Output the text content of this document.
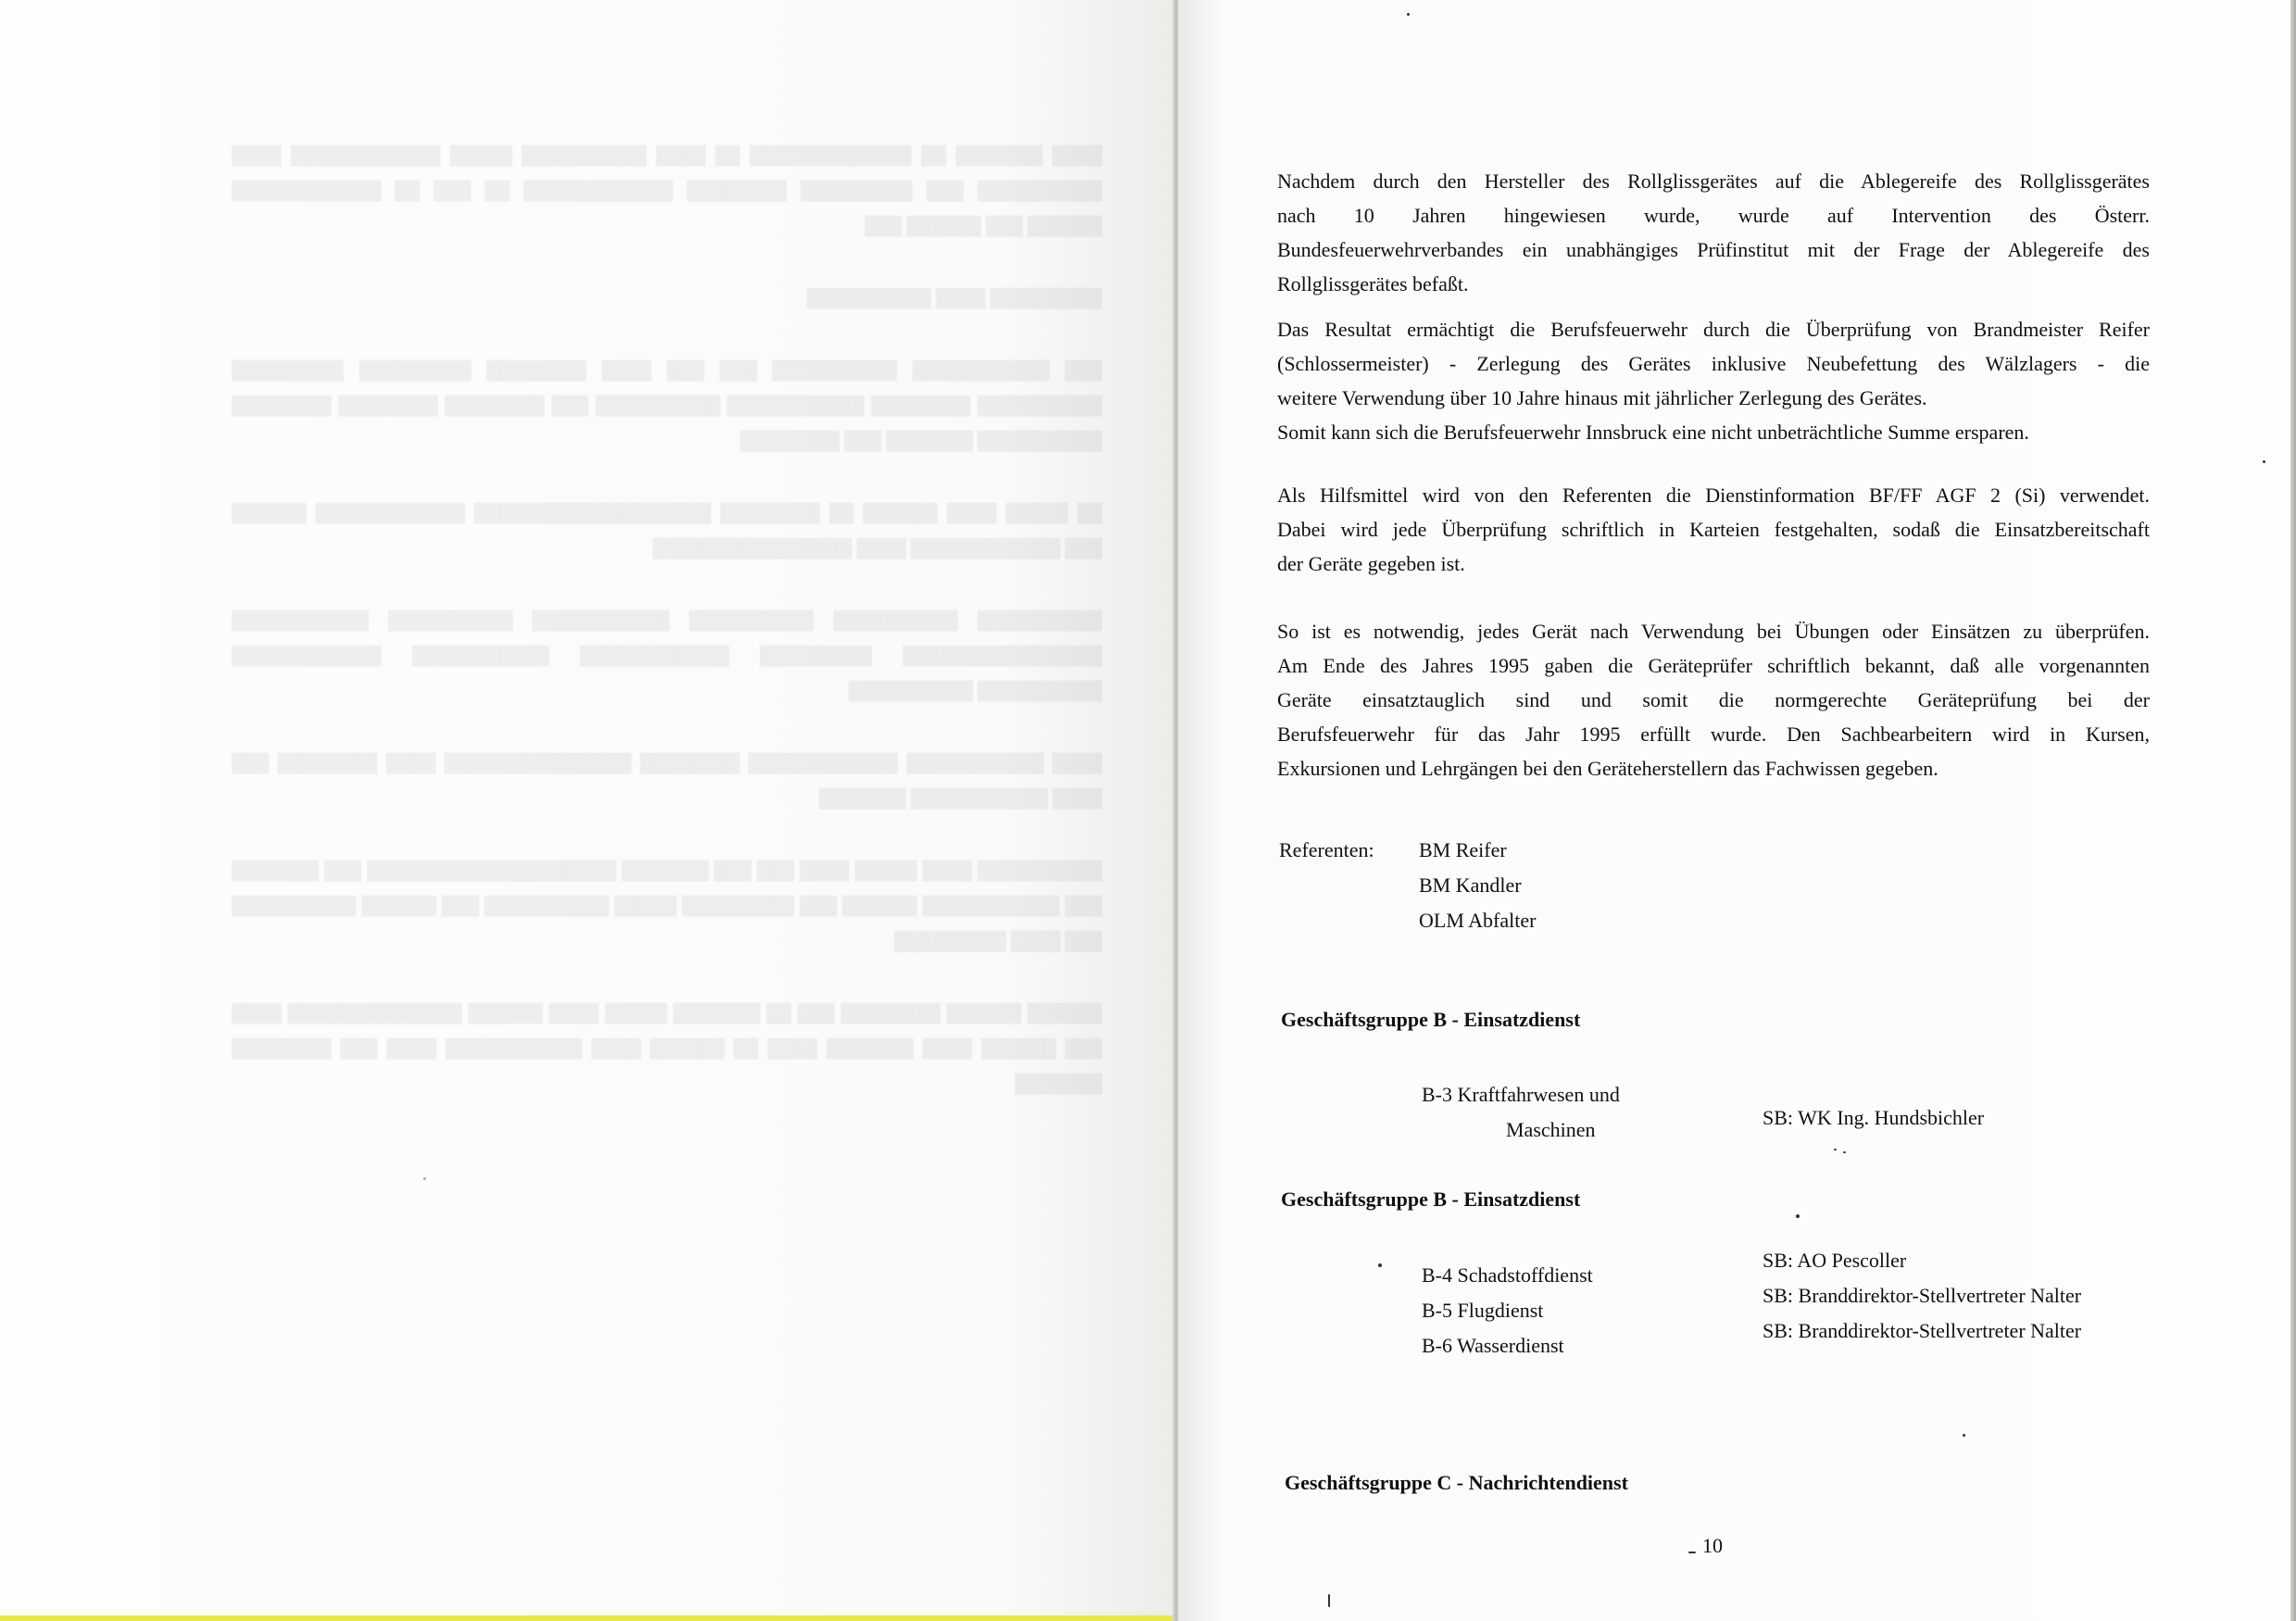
████ ███████ ██ █████████████ ██ ████ ██████████ █████ ████████████ ████ ██████████ ███ █████████ ████████ ████████████ ██ ███ ██ ████████████ ██████ ███ ██████ ███

█████████ ████ ██████████

███ ███████████ ██████████ ███ ███ ████ ████████ █████████ █████████ ██████████ ████████ ███████████ ██████████ ███ ████████ ████████ ████████ ██████████ ███████ ███ ████████

██ █████ ████ ██████ ██ ████████ ███████████████████ ████████████ ██████ ███ ████████████ ████ ████████████████

██████████ ██████████ ██████████ ███████████ ██████████ ███████████ ████████████████ █████████ ████████████ ███████████ ████████████ ██████████ ██████████

████ ███████████ ████████████ ████████ ███████████████ ████ ████████ ███ ████ ███████████ ███████

██████████ ████ █████ ████ ███ ███ ███████ ████████████████████ ███ ███████ ███ ███████████ ██████ ███ █████████ █████ ██████████ ███ ██████ ██████████ ███ ████ █████████

██████ ██████ ████████ ███ ██ ███████ █████ ████ ██████ ██████████████ ████ ███ ██████ ████ ███████ ████ ██ ██████ ████ ███████████ ████ ███ ████████ ███████

Nachdem durch den Hersteller des Rollglissgerätes auf die Ablegereife des Rollglissgerätes
nach 10 Jahren hingewiesen wurde, wurde auf Intervention des Österr.
Bundesfeuerwehrverbandes ein unabhängiges Prüfinstitut mit der Frage der Ablegereife des
Rollglissgerätes befaßt.
Das Resultat ermächtigt die Berufsfeuerwehr durch die Überprüfung von Brandmeister Reifer
(Schlossermeister) - Zerlegung des Gerätes inklusive Neubefettung des Wälzlagers - die
weitere Verwendung über 10 Jahre hinaus mit jährlicher Zerlegung des Gerätes.
Somit kann sich die Berufsfeuerwehr Innsbruck eine nicht unbeträchtliche Summe ersparen.
Als Hilfsmittel wird von den Referenten die Dienstinformation BF/FF AGF 2 (Si) verwendet.
Dabei wird jede Überprüfung schriftlich in Karteien festgehalten, sodaß die Einsatzbereitschaft
der Geräte gegeben ist.
So ist es notwendig, jedes Gerät nach Verwendung bei Übungen oder Einsätzen zu überprüfen.
Am Ende des Jahres 1995 gaben die Geräteprüfer schriftlich bekannt, daß alle vorgenannten
Geräte einsatztauglich sind und somit die normgerechte Geräteprüfung bei der
Berufsfeuerwehr für das Jahr 1995 erfüllt wurde. Den Sachbearbeitern wird in Kursen,
Exkursionen und Lehrgängen bei den Geräteherstellern das Fachwissen gegeben.
Referenten: BM Reifer
BM Kandler
OLM Abfalter
Geschäftsgruppe B - Einsatzdienst
B-3 Kraftfahrwesen und
Maschinen
SB: WK Ing. Hundsbichler
Geschäftsgruppe B - Einsatzdienst
B-4 Schadstoffdienst
B-5 Flugdienst
B-6 Wasserdienst
SB: AO Pescoller
SB: Branddirektor-Stellvertreter Nalter
SB: Branddirektor-Stellvertreter Nalter
Geschäftsgruppe C - Nachrichtendienst
10
